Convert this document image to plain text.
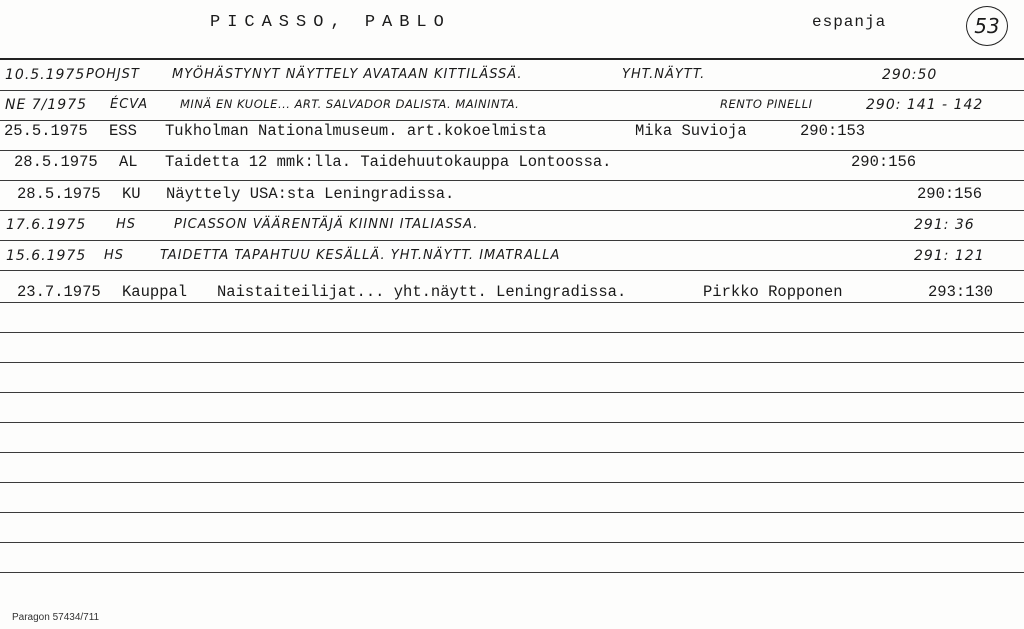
PICASSO, PABLO	espanja	53
10.5.1975 POHJST MYÖHÄSTYNYT NÄYTTELY AVATAAN KITTILÄSSÄ.	YHT.NÄYTT.	290:50
NE 7/1975 ÉCVA	MINÄ EN KUOLE... ART. SALVADOR DALISTA. MAININTA.	RENTO PINELLI	290: 141 - 142
25.5.1975 ESS Tukholman Nationalmuseum. art.kokoelmista	Mika Suvioja	290:153
28.5.1975 AL Taidetta 12 mmk:lla. Taidehuutokauppa Lontoossa.	290:156
28.5.1975 KU Näyttely USA:sta Leningradissa.	290:156
17.6.1975 HS	PICASSON VÄÄRENTÄJÄ KIINNI ITALIASSA.	291: 36
15.6.1975 HS	TAIDETTA TAPAHTUU KESÄLLÄ. YHT.NÄYTT. IMATRALLA	291: 121
23.7.1975 Kauppal Naistaiteilijat... yht.näytt. Leningradissa.	Pirkko Ropponen	293:130
Paragon 57434/711
